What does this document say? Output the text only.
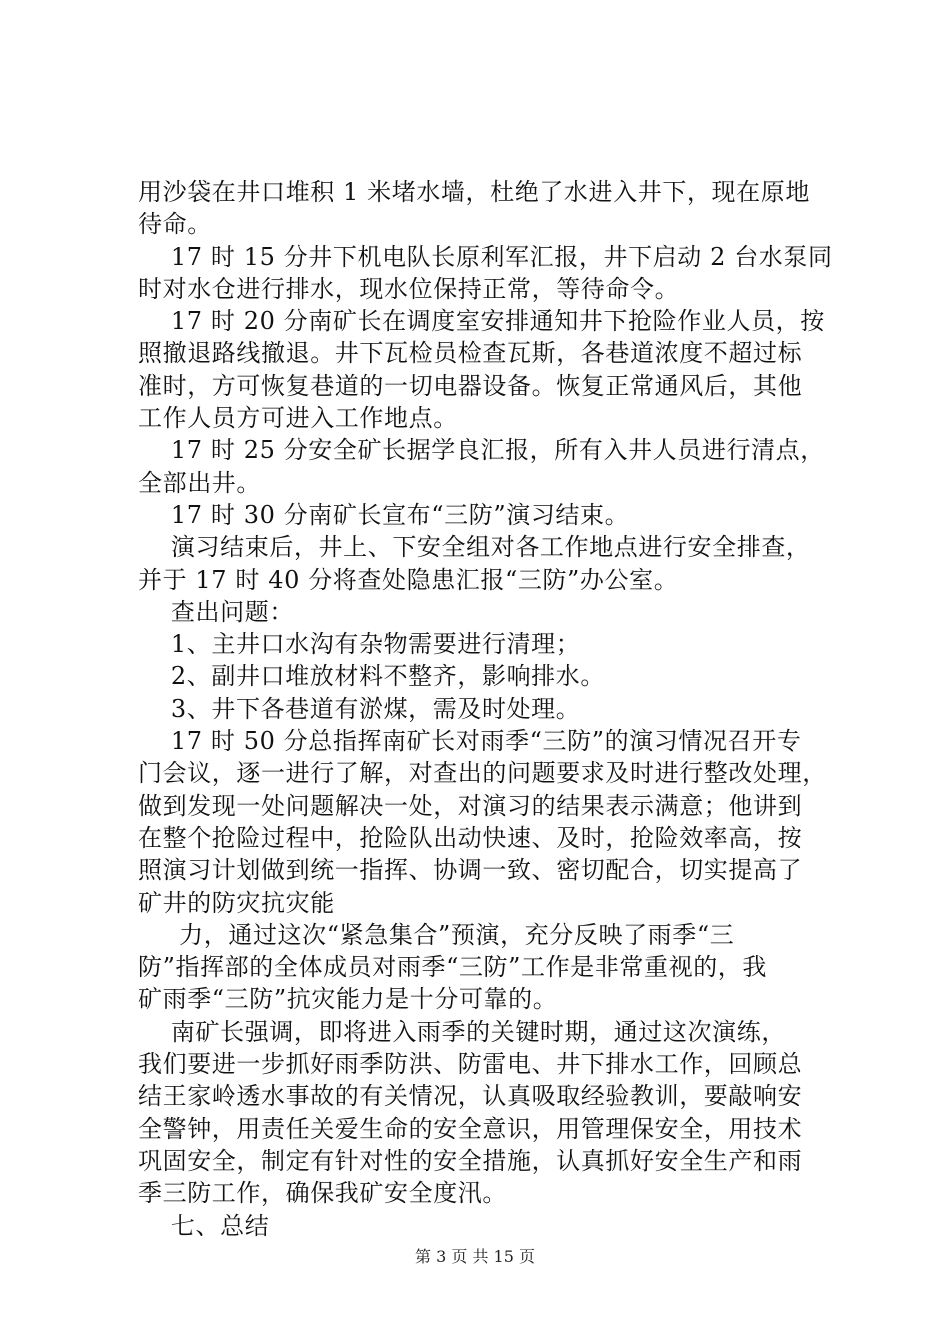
用沙袋在井口堆积 1 米堵水墙，杜绝了水进入井下，现在原地
待命。
17 时 15 分井下机电队长原利军汇报，井下启动 2 台水泵同
时对水仓进行排水，现水位保持正常，等待命令。
17 时 20 分南矿长在调度室安排通知井下抢险作业人员，按
照撤退路线撤退。井下瓦检员检查瓦斯，各巷道浓度不超过标
准时，方可恢复巷道的一切电器设备。恢复正常通风后，其他
工作人员方可进入工作地点。
17 时 25 分安全矿长据学良汇报，所有入井人员进行清点，
全部出井。
17 时 30 分南矿长宣布“三防”演习结束。
演习结束后，井上、下安全组对各工作地点进行安全排查，
并于 17 时 40 分将查处隐患汇报“三防”办公室。
查出问题：
1、主井口水沟有杂物需要进行清理；
2、副井口堆放材料不整齐，影响排水。
3、井下各巷道有淤煤，需及时处理。
17 时 50 分总指挥南矿长对雨季“三防”的演习情况召开专
门会议，逐一进行了解，对查出的问题要求及时进行整改处理，
做到发现一处问题解决一处，对演习的结果表示满意；他讲到
在整个抢险过程中，抢险队出动快速、及时，抢险效率高，按
照演习计划做到统一指挥、协调一致、密切配合，切实提高了
矿井的防灾抗灾能
力，通过这次“紧急集合”预演，充分反映了雨季“三
防”指挥部的全体成员对雨季“三防”工作是非常重视的，我
矿雨季“三防”抗灾能力是十分可靠的。
南矿长强调，即将进入雨季的关键时期，通过这次演练，
我们要进一步抓好雨季防洪、防雷电、井下排水工作，回顾总
结王家岭透水事故的有关情况，认真吸取经验教训，要敲响安
全警钟，用责任关爱生命的安全意识，用管理保安全，用技术
巩固安全，制定有针对性的安全措施，认真抓好安全生产和雨
季三防工作，确保我矿安全度汛。
七、总结
第 3 页 共 15 页
